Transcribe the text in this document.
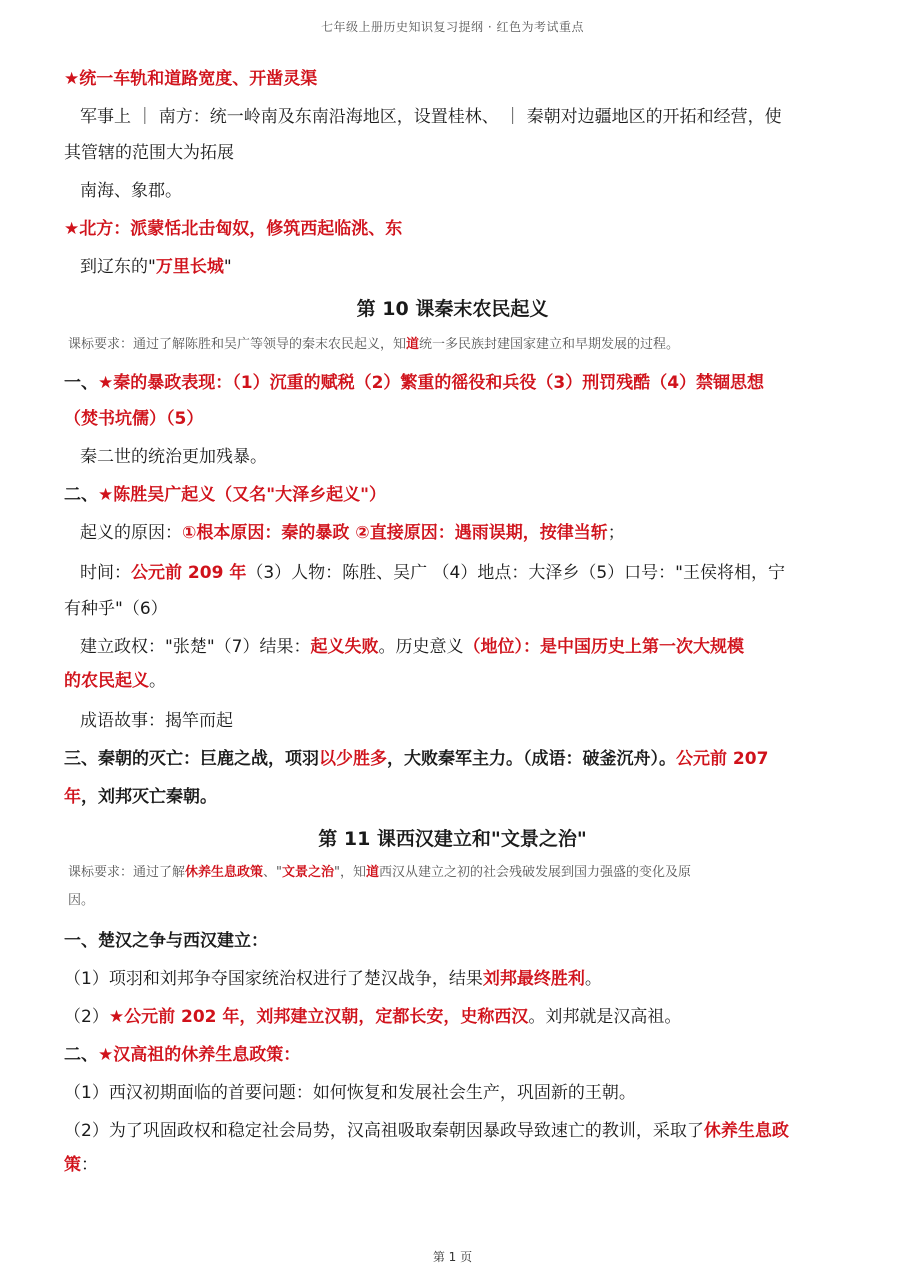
七年级上册历史知识复习提纲 · 红色为考试重点
★统一车轨和道路宽度、开凿灵渠
军事上 ｜ 南方：统一岭南及东南沿海地区，设置桂林、 ｜ 秦朝对边疆地区的开拓和经营，使
其管辖的范围大为拓展
南海、象郡。
★北方：派蒙恬北击匈奴，修筑西起临洮、东
到辽东的"万里长城"
第 10 课秦末农民起义
课标要求：通过了解陈胜和吴广等领导的秦末农民起义，知道统一多民族封建国家建立和早期发展的过程。
一、★秦的暴政表现：（1）沉重的赋税（2）繁重的徭役和兵役（3）刑罚残酷（4）禁锢思想
（焚书坑儒）（5）
秦二世的统治更加残暴。
二、★陈胜吴广起义（又名"大泽乡起义"）
起义的原因：①根本原因：秦的暴政 ②直接原因：遇雨误期，按律当斩；
时间：公元前 209 年（3）人物：陈胜、吴广 （4）地点：大泽乡（5）口号："王侯将相，宁
有种乎"（6）
建立政权："张楚"（7）结果：起义失败。历史意义（地位）：是中国历史上第一次大规模
的农民起义。
成语故事：揭竿而起
三、秦朝的灭亡：巨鹿之战，项羽以少胜多，大败秦军主力。（成语：破釜沉舟）。公元前 207
年，刘邦灭亡秦朝。
第 11 课西汉建立和"文景之治"
课标要求：通过了解休养生息政策、"文景之治"，知道西汉从建立之初的社会残破发展到国力强盛的变化及原
因。
一、楚汉之争与西汉建立：
（1）项羽和刘邦争夺国家统治权进行了楚汉战争，结果刘邦最终胜利。
（2）★公元前 202 年，刘邦建立汉朝，定都长安，史称西汉。刘邦就是汉高祖。
二、★汉高祖的休养生息政策：
（1）西汉初期面临的首要问题：如何恢复和发展社会生产，巩固新的王朝。
（2）为了巩固政权和稳定社会局势，汉高祖吸取秦朝因暴政导致速亡的教训，采取了休养生息政
策：
第 1 页
